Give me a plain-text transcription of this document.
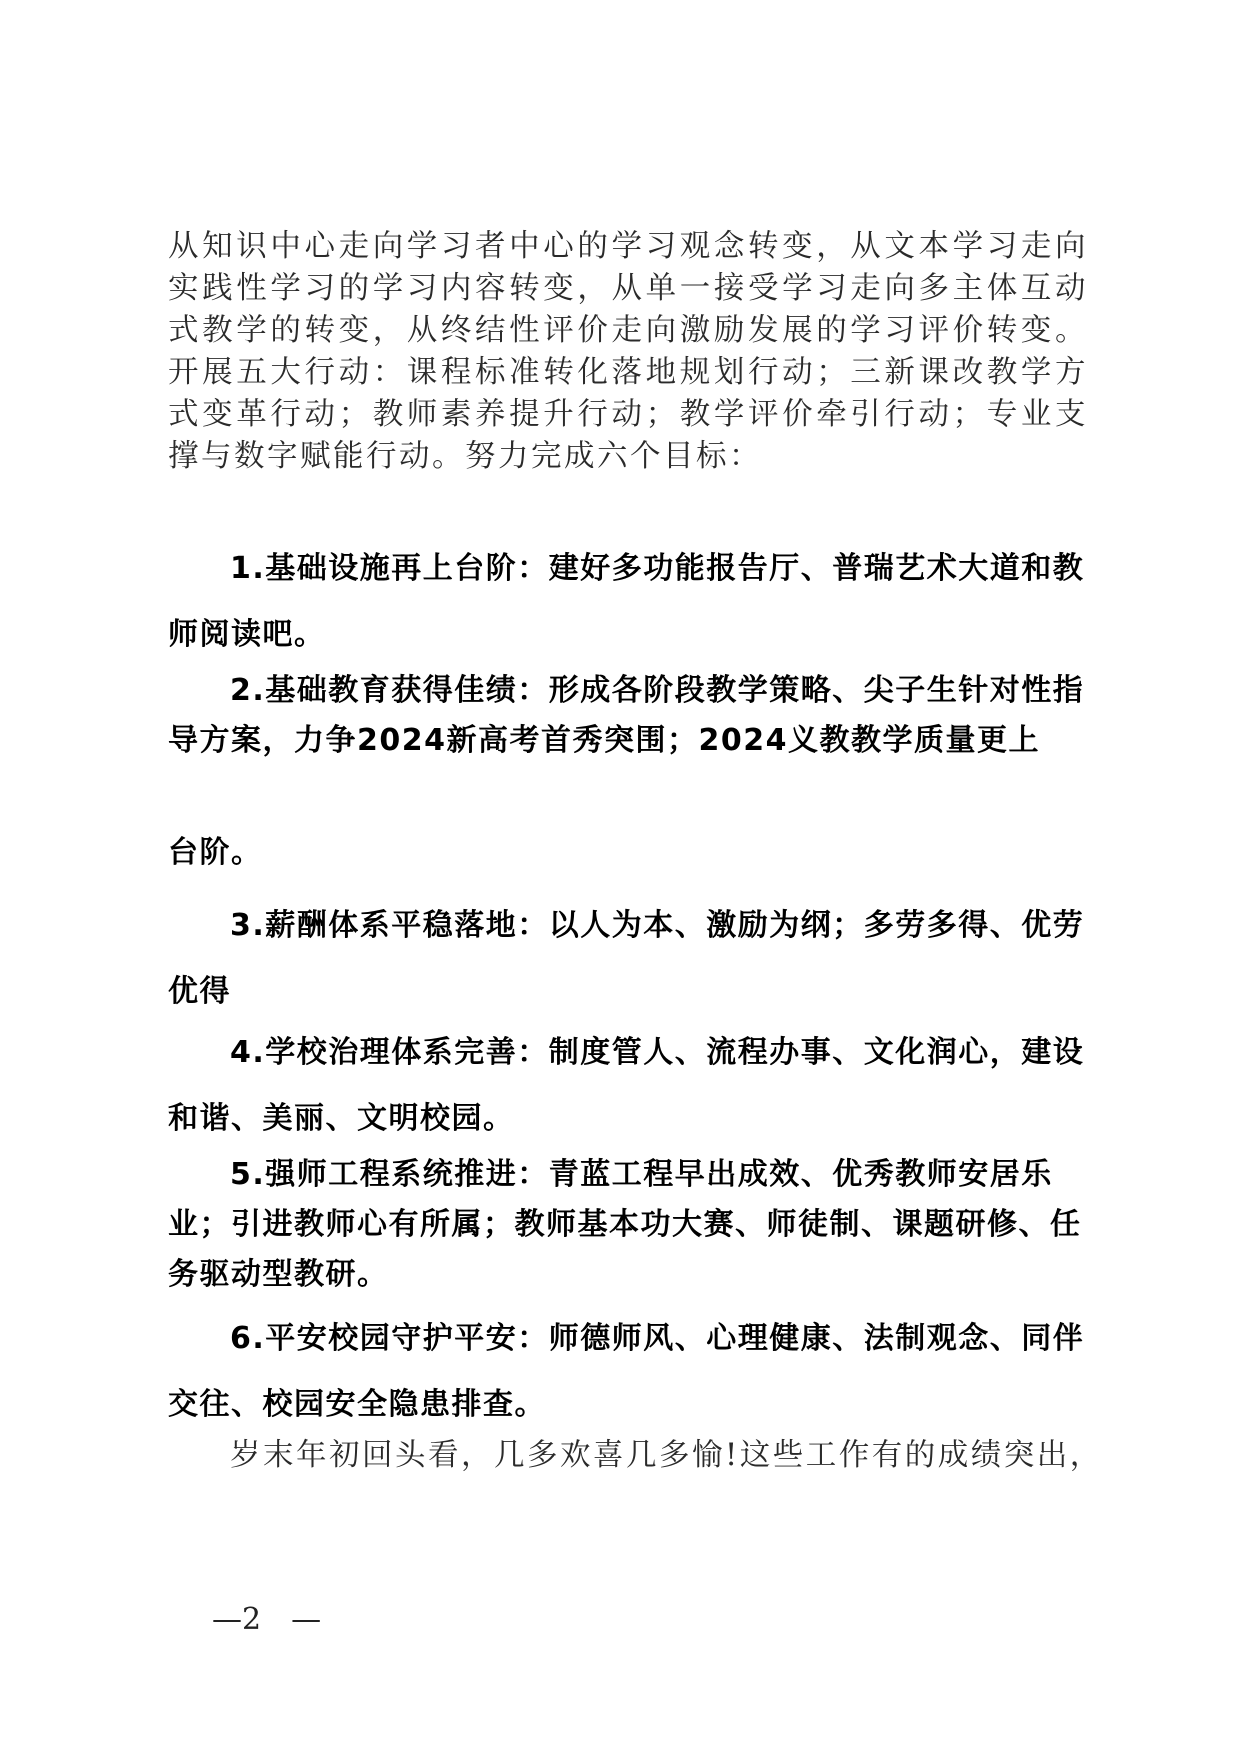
从知识中心走向学习者中心的学习观念转变，从文本学习走向实践性学习的学习内容转变，从单一接受学习走向多主体互动式教学的转变，从终结性评价走向激励发展的学习评价转变。开展五大行动：课程标准转化落地规划行动；三新课改教学方式变革行动；教师素养提升行动；教学评价牵引行动；专业支撑与数字赋能行动。努力完成六个目标：

1.基础设施再上台阶：建好多功能报告厅、普瑞艺术大道和教师阅读吧。

2.基础教育获得佳绩：形成各阶段教学策略、尖子生针对性指导方案，力争2024新高考首秀突围；2024义教教学质量更上

台阶。

3.薪酬体系平稳落地：以人为本、激励为纲；多劳多得、优劳优得

4.学校治理体系完善：制度管人、流程办事、文化润心，建设和谐、美丽、文明校园。

5.强师工程系统推进：青蓝工程早出成效、优秀教师安居乐业；引进教师心有所属；教师基本功大赛、师徒制、课题研修、任务驱动型教研。

6.平安校园守护平安：师德师风、心理健康、法制观念、同伴交往、校园安全隐患排查。

岁末年初回头看，几多欢喜几多愉!这些工作有的成绩突出，

—2　—
